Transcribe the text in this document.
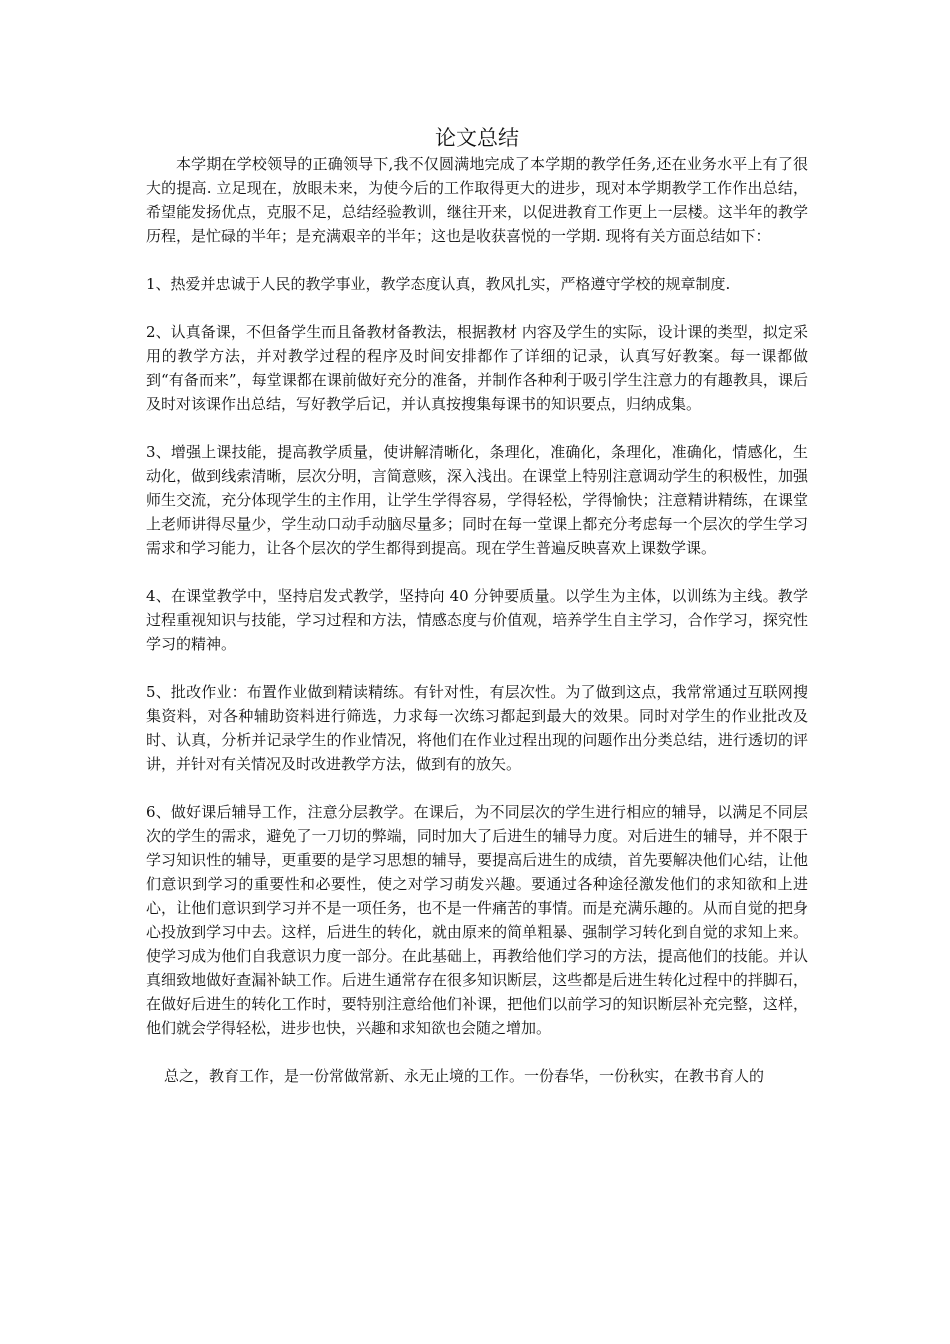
论文总结

本学期在学校领导的正确领导下,我不仅圆满地完成了本学期的教学任务,还在业务水平上有了很大的提高. 立足现在，放眼未来，为使今后的工作取得更大的进步，现对本学期教学工作作出总结，希望能发扬优点，克服不足，总结经验教训，继往开来，以促进教育工作更上一层楼。这半年的教学历程，是忙碌的半年；是充满艰辛的半年；这也是收获喜悦的一学期. 现将有关方面总结如下：

1、热爱并忠诚于人民的教学事业，教学态度认真，教风扎实，严格遵守学校的规章制度.

2、认真备课，不但备学生而且备教材备教法，根据教材 内容及学生的实际，设计课的类型，拟定采用的教学方法，并对教学过程的程序及时间安排都作了详细的记录，认真写好教案。每一课都做到“有备而来”，每堂课都在课前做好充分的准备，并制作各种利于吸引学生注意力的有趣教具，课后及时对该课作出总结，写好教学后记，并认真按搜集每课书的知识要点，归纳成集。

3、增强上课技能，提高教学质量，使讲解清晰化，条理化，准确化，条理化，准确化，情感化，生动化，做到线索清晰，层次分明，言简意赅，深入浅出。在课堂上特别注意调动学生的积极性，加强师生交流，充分体现学生的主作用，让学生学得容易，学得轻松，学得愉快；注意精讲精练，在课堂上老师讲得尽量少，学生动口动手动脑尽量多；同时在每一堂课上都充分考虑每一个层次的学生学习需求和学习能力，让各个层次的学生都得到提高。现在学生普遍反映喜欢上课数学课。

4、在课堂教学中，坚持启发式教学，坚持向 40 分钟要质量。以学生为主体，以训练为主线。教学过程重视知识与技能，学习过程和方法，情感态度与价值观，培养学生自主学习，合作学习，探究性学习的精神。

5、批改作业：布置作业做到精读精练。有针对性，有层次性。为了做到这点，我常常通过互联网搜集资料，对各种辅助资料进行筛选，力求每一次练习都起到最大的效果。同时对学生的作业批改及时、认真，分析并记录学生的作业情况，将他们在作业过程出现的问题作出分类总结，进行透切的评讲，并针对有关情况及时改进教学方法，做到有的放矢。

6、做好课后辅导工作，注意分层教学。在课后，为不同层次的学生进行相应的辅导，以满足不同层次的学生的需求，避免了一刀切的弊端，同时加大了后进生的辅导力度。对后进生的辅导，并不限于学习知识性的辅导，更重要的是学习思想的辅导，要提高后进生的成绩，首先要解决他们心结，让他们意识到学习的重要性和必要性，使之对学习萌发兴趣。要通过各种途径激发他们的求知欲和上进心，让他们意识到学习并不是一项任务，也不是一件痛苦的事情。而是充满乐趣的。从而自觉的把身心投放到学习中去。这样，后进生的转化，就由原来的简单粗暴、强制学习转化到自觉的求知上来。使学习成为他们自我意识力度一部分。在此基础上，再教给他们学习的方法，提高他们的技能。并认真细致地做好查漏补缺工作。后进生通常存在很多知识断层，这些都是后进生转化过程中的拌脚石，在做好后进生的转化工作时，要特别注意给他们补课，把他们以前学习的知识断层补充完整，这样，他们就会学得轻松，进步也快，兴趣和求知欲也会随之增加。

总之，教育工作，是一份常做常新、永无止境的工作。一份春华，一份秋实，在教书育人的
